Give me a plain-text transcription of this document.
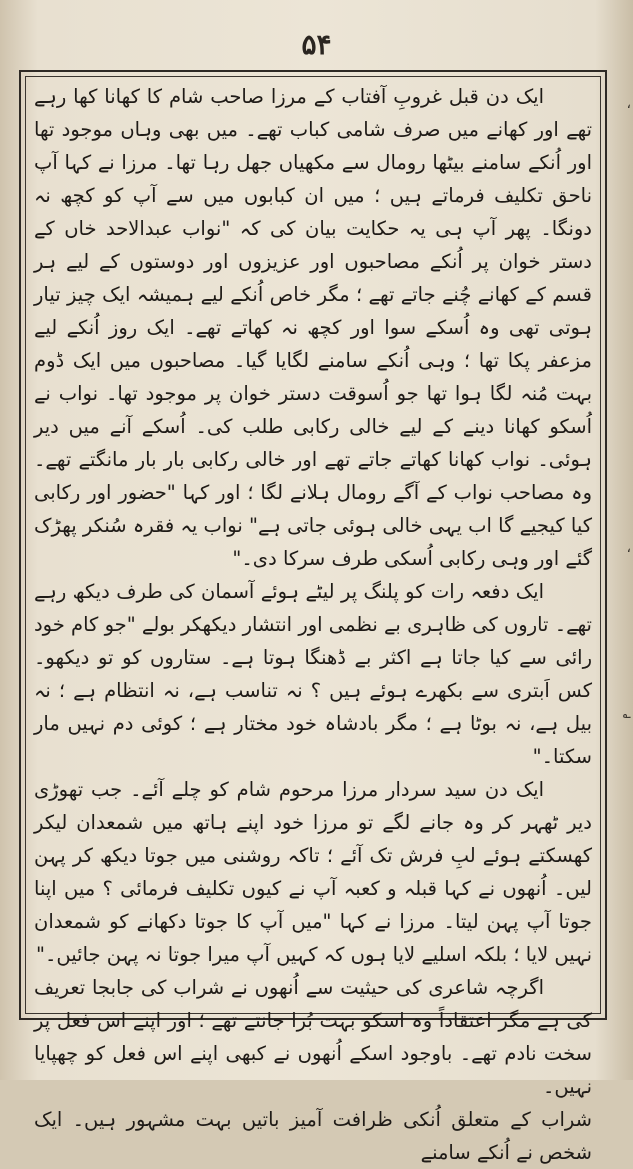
۵۴

ایک دن قبل غروبِ آفتاب کے مرزا صاحب شام کا کھانا کھا رہے تھے اور کھانے میں صرف شامی کباب تھے۔ میں بھی وہاں موجود تھا اور اُنکے سامنے بیٹھا رومال سے مکھیاں جھل رہا تھا۔ مرزا نے کہا آپ ناحق تکلیف فرماتے ہیں ؛ میں ان کبابوں میں سے آپ کو کچھ نہ دونگا۔ پھر آپ ہی یہ حکایت بیان کی کہ "نواب عبدالاحد خاں کے دستر خوان پر اُنکے مصاحبوں اور عزیزوں اور دوستوں کے لیے ہر قسم کے کھانے چُنے جاتے تھے ؛ مگر خاص اُنکے لیے ہمیشہ ایک چیز تیار ہوتی تھی وہ اُسکے سوا اور کچھ نہ کھاتے تھے۔ ایک روز اُنکے لیے مزعفر پکا تھا ؛ وہی اُنکے سامنے لگایا گیا۔ مصاحبوں میں ایک ڈوم بہت مُنہ لگا ہوا تھا جو اُسوقت دستر خوان پر موجود تھا۔ نواب نے اُسکو کھانا دینے کے لیے خالی رکابی طلب کی۔ اُسکے آنے میں دیر ہوئی۔ نواب کھانا کھاتے جاتے تھے اور خالی رکابی بار بار مانگتے تھے۔ وہ مصاحب نواب کے آگے رومال ہلانے لگا ؛ اور کہا "حضور اور رکابی کیا کیجیے گا اب یہی خالی ہوئی جاتی ہے" نواب یہ فقرہ سُنکر پھڑک گئے اور وہی رکابی اُسکی طرف سرکا دی۔"

ایک دفعہ رات کو پلنگ پر لیٹے ہوئے آسمان کی طرف دیکھ رہے تھے۔ تاروں کی ظاہری بے نظمی اور انتشار دیکھکر بولے "جو کام خود رائی سے کیا جاتا ہے اکثر بے ڈھنگا ہوتا ہے۔ ستاروں کو تو دیکھو۔ کس اَبتری سے بکھرے ہوئے ہیں ؟ نہ تناسب ہے، نہ انتظام ہے ؛ نہ بیل ہے، نہ بوٹا ہے ؛ مگر بادشاہ خود مختار ہے ؛ کوئی دم نہیں مار سکتا۔"

ایک دن سید سردار مرزا مرحوم شام کو چلے آئے۔ جب تھوڑی دیر ٹھہر کر وہ جانے لگے تو مرزا خود اپنے ہاتھ میں شمعدان لیکر کھسکتے ہوئے لبِ فرش تک آئے ؛ تاکہ روشنی میں جوتا دیکھ کر پہن لیں۔ اُنھوں نے کہا قبلہ و کعبہ آپ نے کیوں تکلیف فرمائی ؟ میں اپنا جوتا آپ پہن لیتا۔ مرزا نے کہا "میں آپ کا جوتا دکھانے کو شمعدان نہیں لایا ؛ بلکہ اسلیے لایا ہوں کہ کہیں آپ میرا جوتا نہ پہن جائیں۔"

اگرچہ شاعری کی حیثیت سے اُنھوں نے شراب کی جابجا تعریف کی ہے مگر اعتقاداً وہ اسکو بہت بُرا جانتے تھے ؛ اور اپنے اس فعل پر سخت نادم تھے۔ باوجود اسکے اُنھوں نے کبھی اپنے اس فعل کو چھپایا نہیں۔

شراب کے متعلق اُنکی ظرافت آمیز باتیں بہت مشہور ہیں۔ ایک شخص نے اُنکے سامنے

،
،
؎
